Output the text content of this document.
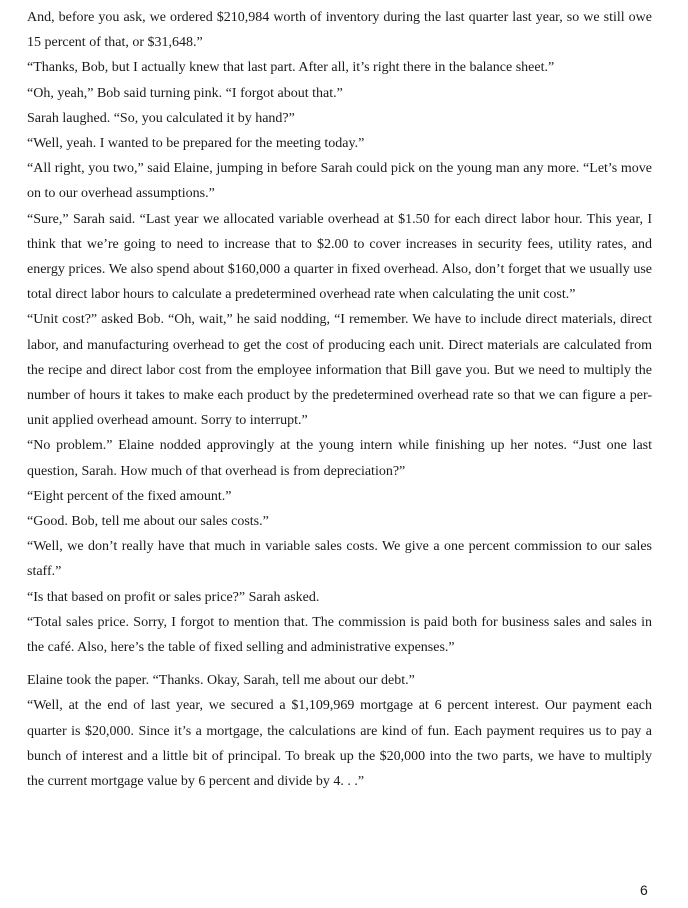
And, before you ask, we ordered $210,984 worth of inventory during the last quarter last year, so we still owe 15 percent of that, or $31,648.”

“Thanks, Bob, but I actually knew that last part. After all, it’s right there in the balance sheet.”

“Oh, yeah,” Bob said turning pink. “I forgot about that.”

Sarah laughed. “So, you calculated it by hand?”

“Well, yeah. I wanted to be prepared for the meeting today.”

“All right, you two,” said Elaine, jumping in before Sarah could pick on the young man any more. “Let’s move on to our overhead assumptions.”

“Sure,” Sarah said. “Last year we allocated variable overhead at $1.50 for each direct labor hour. This year, I think that we’re going to need to increase that to $2.00 to cover increases in security fees, utility rates, and energy prices. We also spend about $160,000 a quarter in fixed overhead. Also, don’t forget that we usually use total direct labor hours to calculate a predetermined overhead rate when calculating the unit cost.”

“Unit cost?” asked Bob. “Oh, wait,” he said nodding, “I remember. We have to include direct materials, direct labor, and manufacturing overhead to get the cost of producing each unit. Direct materials are calculated from the recipe and direct labor cost from the employee information that Bill gave you. But we need to multiply the number of hours it takes to make each product by the predetermined overhead rate so that we can figure a per-unit applied overhead amount. Sorry to interrupt.”

“No problem.” Elaine nodded approvingly at the young intern while finishing up her notes. “Just one last question, Sarah. How much of that overhead is from depreciation?”

“Eight percent of the fixed amount.”

“Good. Bob, tell me about our sales costs.”

“Well, we don’t really have that much in variable sales costs. We give a one percent commission to our sales staff.”

“Is that based on profit or sales price?” Sarah asked.

“Total sales price. Sorry, I forgot to mention that. The commission is paid both for business sales and sales in the café. Also, here’s the table of fixed selling and administrative expenses.”

Elaine took the paper. “Thanks. Okay, Sarah, tell me about our debt.”

“Well, at the end of last year, we secured a $1,109,969 mortgage at 6 percent interest. Our payment each quarter is $20,000. Since it’s a mortgage, the calculations are kind of fun. Each payment requires us to pay a bunch of interest and a little bit of principal. To break up the $20,000 into the two parts, we have to multiply the current mortgage value by 6 percent and divide by 4. . .”

6
